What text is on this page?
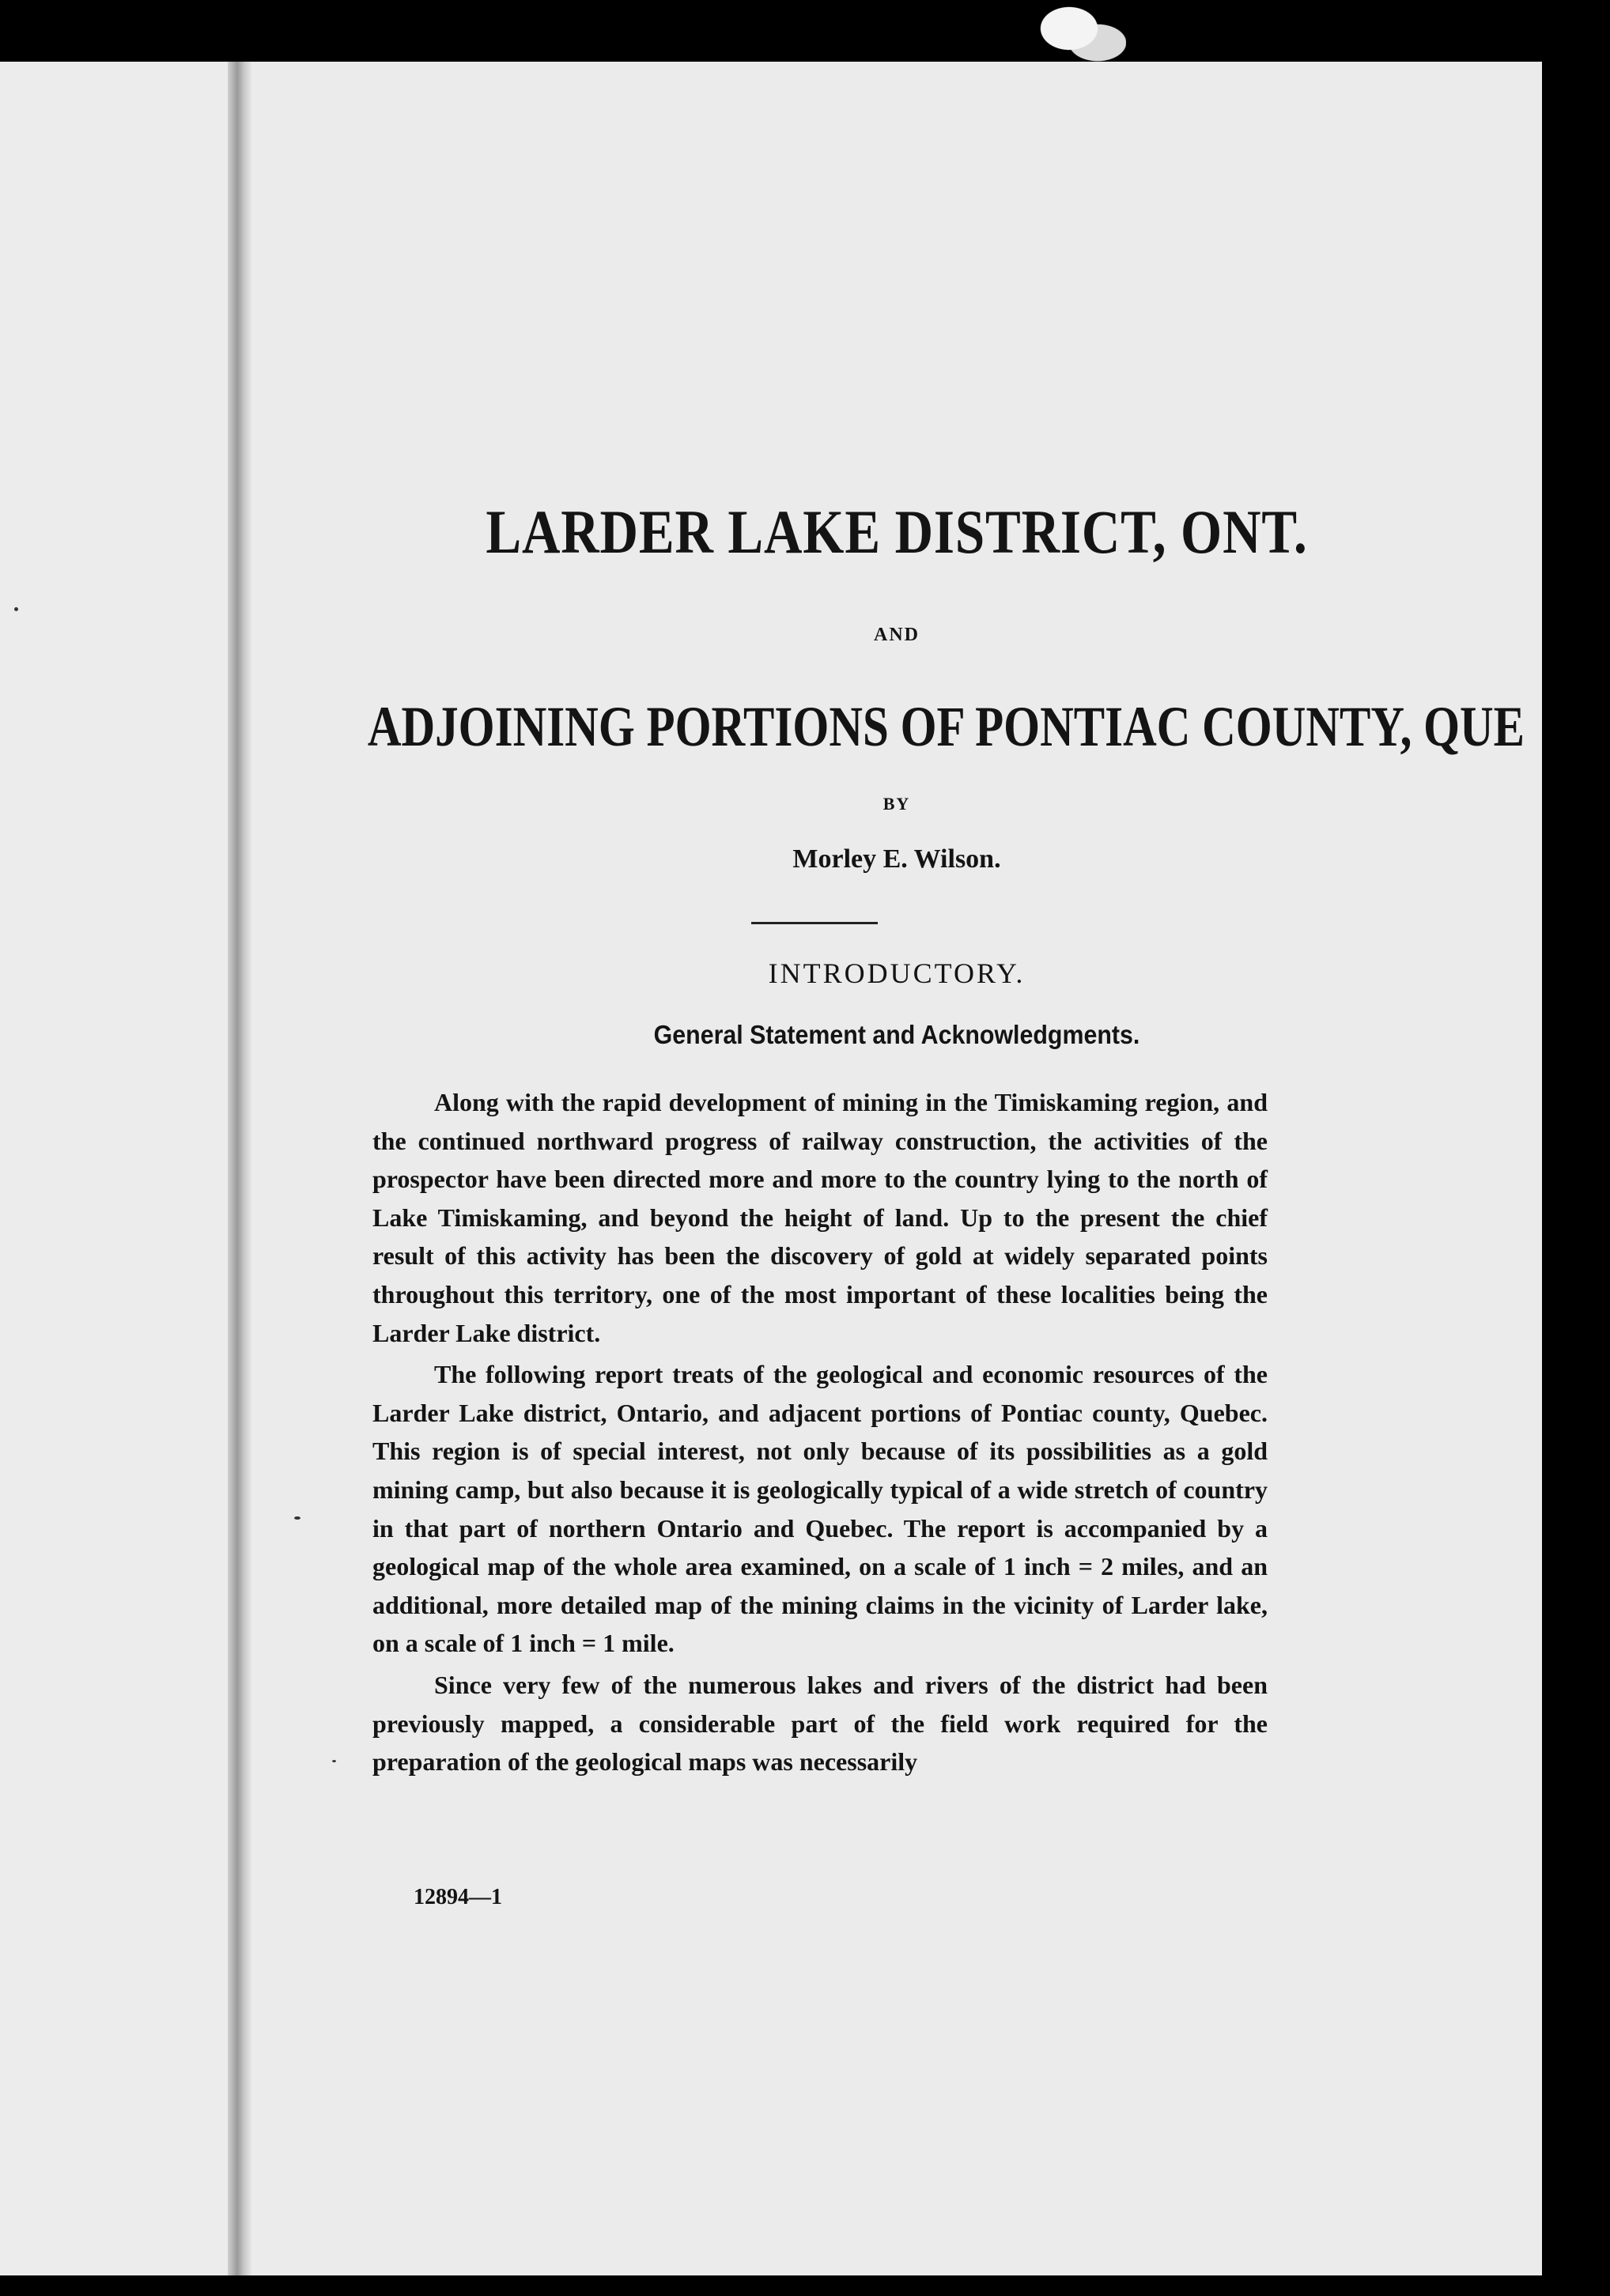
LARDER LAKE DISTRICT, ONT.
AND
ADJOINING PORTIONS OF PONTIAC COUNTY, QUE
BY
Morley E. Wilson.
INTRODUCTORY.
General Statement and Acknowledgments.

Along with the rapid development of mining in the Timiskaming region, and the continued northward progress of railway construction, the activities of the prospector have been directed more and more to the country lying to the north of Lake Timiskaming, and beyond the height of land. Up to the present the chief result of this activity has been the discovery of gold at widely separated points throughout this territory, one of the most important of these localities being the Larder Lake district.

The following report treats of the geological and economic resources of the Larder Lake district, Ontario, and adjacent portions of Pontiac county, Quebec. This region is of special interest, not only because of its possibilities as a gold mining camp, but also because it is geologically typical of a wide stretch of country in that part of northern Ontario and Quebec. The report is accompanied by a geological map of the whole area examined, on a scale of 1 inch = 2 miles, and an additional, more detailed map of the mining claims in the vicinity of Larder lake, on a scale of 1 inch = 1 mile.

Since very few of the numerous lakes and rivers of the district had been previously mapped, a considerable part of the field work required for the preparation of the geological maps was necessarily

12894—1
